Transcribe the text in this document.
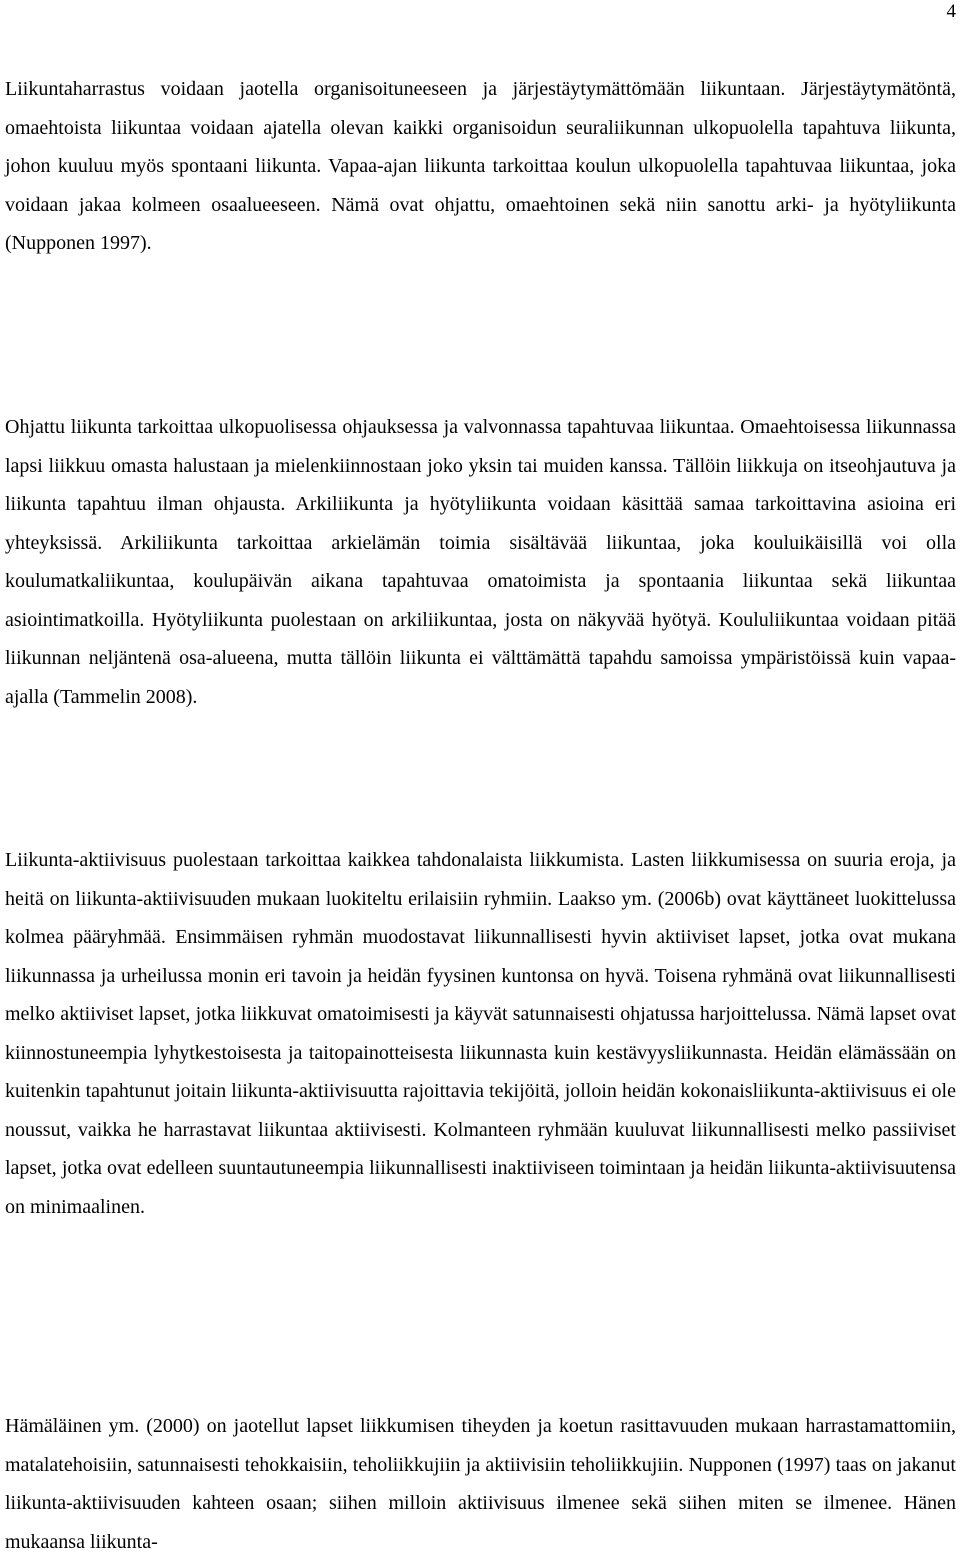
4

Liikuntaharrastus voidaan jaotella organisoituneeseen ja järjestäytymättömään liikuntaan. Järjestäytymätöntä, omaehtoista liikuntaa voidaan ajatella olevan kaikki organisoidun seuraliikunnan ulkopuolella tapahtuva liikunta, johon kuuluu myös spontaani liikunta. Vapaa-ajan liikunta tarkoittaa koulun ulkopuolella tapahtuvaa liikuntaa, joka voidaan jakaa kolmeen osaalueeseen. Nämä ovat ohjattu, omaehtoinen sekä niin sanottu arki- ja hyötyliikunta (Nupponen 1997).

Ohjattu liikunta tarkoittaa ulkopuolisessa ohjauksessa ja valvonnassa tapahtuvaa liikuntaa. Omaehtoisessa liikunnassa lapsi liikkuu omasta halustaan ja mielenkiinnostaan joko yksin tai muiden kanssa. Tällöin liikkuja on itseohjautuva ja liikunta tapahtuu ilman ohjausta. Arkiliikunta ja hyötyliikunta voidaan käsittää samaa tarkoittavina asioina eri yhteyksissä. Arkiliikunta tarkoittaa arkielämän toimia sisältävää liikuntaa, joka kouluikäisillä voi olla koulumatkaliikuntaa, koulupäivän aikana tapahtuvaa omatoimista ja spontaania liikuntaa sekä liikuntaa asiointimatkoilla. Hyötyliikunta puolestaan on arkiliikuntaa, josta on näkyvää hyötyä. Koululiikuntaa voidaan pitää liikunnan neljäntenä osa-alueena, mutta tällöin liikunta ei välttämättä tapahdu samoissa ympäristöissä kuin vapaa-ajalla (Tammelin 2008).

Liikunta-aktiivisuus puolestaan tarkoittaa kaikkea tahdonalaista liikkumista. Lasten liikkumisessa on suuria eroja, ja heitä on liikunta-aktiivisuuden mukaan luokiteltu erilaisiin ryhmiin. Laakso ym. (2006b) ovat käyttäneet luokittelussa kolmea pääryhmää. Ensimmäisen ryhmän muodostavat liikunnallisesti hyvin aktiiviset lapset, jotka ovat mukana liikunnassa ja urheilussa monin eri tavoin ja heidän fyysinen kuntonsa on hyvä. Toisena ryhmänä ovat liikunnallisesti melko aktiiviset lapset, jotka liikkuvat omatoimisesti ja käyvät satunnaisesti ohjatussa harjoittelussa. Nämä lapset ovat kiinnostuneempia lyhytkestoisesta ja taitopainotteisesta liikunnasta kuin kestävyysliikunnasta. Heidän elämässään on kuitenkin tapahtunut joitain liikunta-aktiivisuutta rajoittavia tekijöitä, jolloin heidän kokonaisliikunta-aktiivisuus ei ole noussut, vaikka he harrastavat liikuntaa aktiivisesti. Kolmanteen ryhmään kuuluvat liikunnallisesti melko passiiviset lapset, jotka ovat edelleen suuntautuneempia liikunnallisesti inaktiiviseen toimintaan ja heidän liikunta-aktiivisuutensa on minimaalinen.

Hämäläinen ym. (2000) on jaotellut lapset liikkumisen tiheyden ja koetun rasittavuuden mukaan harrastamattomiin, matalatehoisiin, satunnaisesti tehokkaisiin, teholiikkujiin ja aktiivisiin teholiikkujiin. Nupponen (1997) taas on jakanut liikunta-aktiivisuuden kahteen osaan; siihen milloin aktiivisuus ilmenee sekä siihen miten se ilmenee. Hänen mukaansa liikunta-
